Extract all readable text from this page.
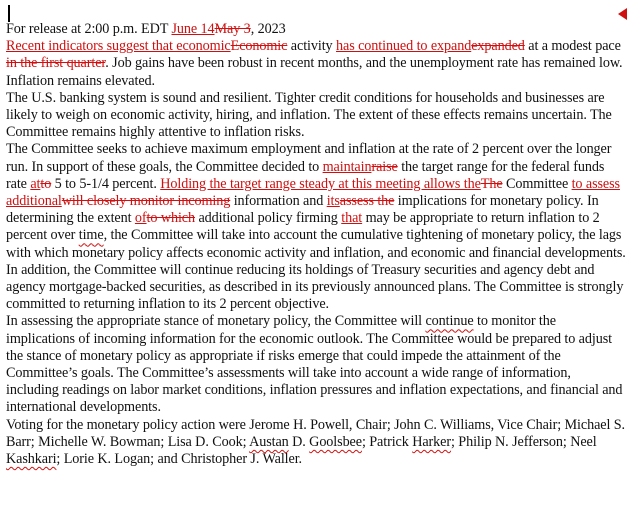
For release at 2:00 p.m. EDT June 14May 3, 2023
Recent indicators suggest that economicEconomic activity has continued to expandexpanded at a modest pace in the first quarter. Job gains have been robust in recent months, and the unemployment rate has remained low. Inflation remains elevated.
The U.S. banking system is sound and resilient. Tighter credit conditions for households and businesses are likely to weigh on economic activity, hiring, and inflation. The extent of these effects remains uncertain. The Committee remains highly attentive to inflation risks.
The Committee seeks to achieve maximum employment and inflation at the rate of 2 percent over the longer run. In support of these goals, the Committee decided to maintainraise the target range for the federal funds rate atto 5 to 5-1/4 percent. Holding the target range steady at this meeting allows theThe Committee to assess additionalwill closely monitor incoming information and itsassess the implications for monetary policy. In determining the extent ofto which additional policy firming that may be appropriate to return inflation to 2 percent over time, the Committee will take into account the cumulative tightening of monetary policy, the lags with which monetary policy affects economic activity and inflation, and economic and financial developments. In addition, the Committee will continue reducing its holdings of Treasury securities and agency debt and agency mortgage-backed securities, as described in its previously announced plans. The Committee is strongly committed to returning inflation to its 2 percent objective.
In assessing the appropriate stance of monetary policy, the Committee will continue to monitor the implications of incoming information for the economic outlook. The Committee would be prepared to adjust the stance of monetary policy as appropriate if risks emerge that could impede the attainment of the Committee’s goals. The Committee’s assessments will take into account a wide range of information, including readings on labor market conditions, inflation pressures and inflation expectations, and financial and international developments.
Voting for the monetary policy action were Jerome H. Powell, Chair; John C. Williams, Vice Chair; Michael S. Barr; Michelle W. Bowman; Lisa D. Cook; Austan D. Goolsbee; Patrick Harker; Philip N. Jefferson; Neel Kashkari; Lorie K. Logan; and Christopher J. Waller.
